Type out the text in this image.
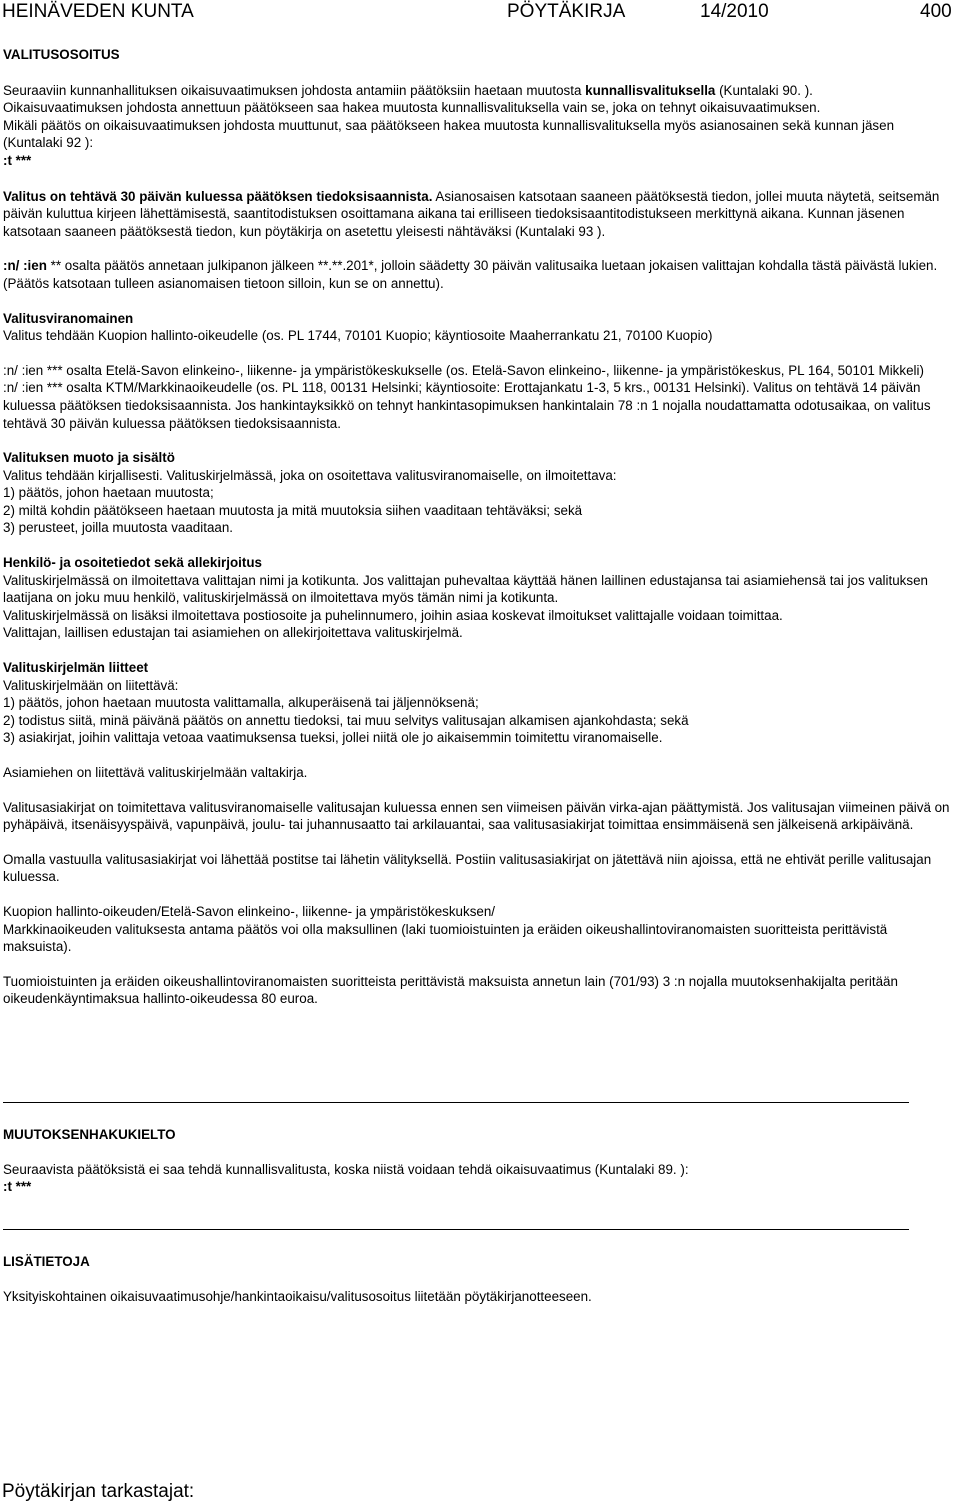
HEINÄVEDEN KUNTA	PÖYTÄKIRJA	14/2010	400

VALITUSOSOITUS

Seuraaviin kunnanhallituksen oikaisuvaatimuksen johdosta antamiin päätöksiin haetaan muutosta kunnallisvalituksella (Kuntalaki 90. ).

Oikaisuvaatimuksen johdosta annettuun päätökseen saa hakea muutosta kunnallisvalituksella vain se, joka on tehnyt oikaisuvaatimuksen.

Mikäli päätös on oikaisuvaatimuksen johdosta muuttunut, saa päätökseen hakea muutosta kunnallisvalituksella myös asianosainen sekä kunnan jäsen (Kuntalaki 92 ):

:t ***

Valitus on tehtävä 30 päivän kuluessa päätöksen tiedoksisaannista. Asianosaisen katsotaan saaneen päätöksestä tiedon, jollei muuta näytetä, seitsemän päivän kuluttua kirjeen lähettämisestä, saantitodistuksen osoittamana aikana tai erilliseen tiedoksisaantitodistukseen merkittynä aikana. Kunnan jäsenen katsotaan saaneen päätöksestä tiedon, kun pöytäkirja on asetettu yleisesti nähtäväksi (Kuntalaki 93 ).

:n/ :ien ** osalta päätös annetaan julkipanon jälkeen **.**.201*, jolloin säädetty 30 päivän valitusaika luetaan jokaisen valittajan kohdalla tästä päivästä lukien. (Päätös katsotaan tulleen asianomaisen tietoon silloin, kun se on annettu).

Valitusviranomainen

Valitus tehdään Kuopion hallinto-oikeudelle (os. PL 1744, 70101 Kuopio; käyntiosoite Maaherrankatu 21, 70100 Kuopio)

:n/ :ien *** osalta Etelä-Savon elinkeino-, liikenne- ja ympäristökeskukselle (os. Etelä-Savon elinkeino-, liikenne- ja ympäristökeskus, PL 164, 50101 Mikkeli)

:n/ :ien *** osalta KTM/Markkinaoikeudelle (os. PL 118, 00131 Helsinki; käyntiosoite: Erottajankatu 1-3, 5 krs., 00131 Helsinki). Valitus on tehtävä 14 päivän kuluessa päätöksen tiedoksisaannista. Jos hankintayksikkö on tehnyt hankintasopimuksen hankintalain 78 :n 1 nojalla noudattamatta odotusaikaa, on valitus tehtävä 30 päivän kuluessa päätöksen tiedoksisaannista.

Valituksen muoto ja sisältö

Valitus tehdään kirjallisesti. Valituskirjelmässä, joka on osoitettava valitusviranomaiselle, on ilmoitettava:

1) päätös, johon haetaan muutosta;

2) miltä kohdin päätökseen haetaan muutosta ja mitä muutoksia siihen vaaditaan tehtäväksi; sekä

3) perusteet, joilla muutosta vaaditaan.

Henkilö- ja osoitetiedot sekä allekirjoitus

Valituskirjelmässä on ilmoitettava valittajan nimi ja kotikunta. Jos valittajan puhevaltaa käyttää hänen laillinen edustajansa tai asiamiehensä tai jos valituksen laatijana on joku muu henkilö, valituskirjelmässä on ilmoitettava myös tämän nimi ja kotikunta.

Valituskirjelmässä on lisäksi ilmoitettava postiosoite ja puhelinnumero, joihin asiaa koskevat ilmoitukset valittajalle voidaan toimittaa.

Valittajan, laillisen edustajan tai asiamiehen on allekirjoitettava valituskirjelmä.

Valituskirjelmän liitteet

Valituskirjelmään on liitettävä:

1) päätös, johon haetaan muutosta valittamalla, alkuperäisenä tai jäljennöksenä;

2) todistus siitä, minä päivänä päätös on annettu tiedoksi, tai muu selvitys valitusajan alkamisen ajankohdasta; sekä

3) asiakirjat, joihin valittaja vetoaa vaatimuksensa tueksi, jollei niitä ole jo aikaisemmin toimitettu viranomaiselle.

Asiamiehen on liitettävä valituskirjelmään valtakirja.

Valitusasiakirjat on toimitettava valitusviranomaiselle valitusajan kuluessa ennen sen viimeisen päivän virka-ajan päättymistä. Jos valitusajan viimeinen päivä on pyhäpäivä, itsenäisyyspäivä, vapunpäivä, joulu- tai juhannusaatto tai arkilauantai, saa valitusasiakirjat toimittaa ensimmäisenä sen jälkeisenä arkipäivänä.

Omalla vastuulla valitusasiakirjat voi lähettää postitse tai lähetin välityksellä. Postiin valitusasiakirjat on jätettävä niin ajoissa, että ne ehtivät perille valitusajan kuluessa.

Kuopion hallinto-oikeuden/Etelä-Savon elinkeino-, liikenne- ja ympäristökeskuksen/

Markkinaoikeuden valituksesta antama päätös voi olla maksullinen (laki tuomioistuinten ja eräiden oikeushallintoviranomaisten suoritteista perittävistä maksuista).

Tuomioistuinten ja eräiden oikeushallintoviranomaisten suoritteista perittävistä maksuista annetun lain (701/93) 3 :n nojalla muutoksenhakijalta peritään oikeudenkäyntimaksua hallinto-oikeudessa 80 euroa.

MUUTOKSENHAKUKIELTO

Seuraavista päätöksistä ei saa tehdä kunnallisvalitusta, koska niistä voidaan tehdä oikaisuvaatimus (Kuntalaki 89. ):

:t ***

LISÄTIETOJA

Yksityiskohtainen oikaisuvaatimusohje/hankintaoikaisu/valitusosoitus liitetään pöytäkirjanotteeseen.

Pöytäkirjan tarkastajat:
